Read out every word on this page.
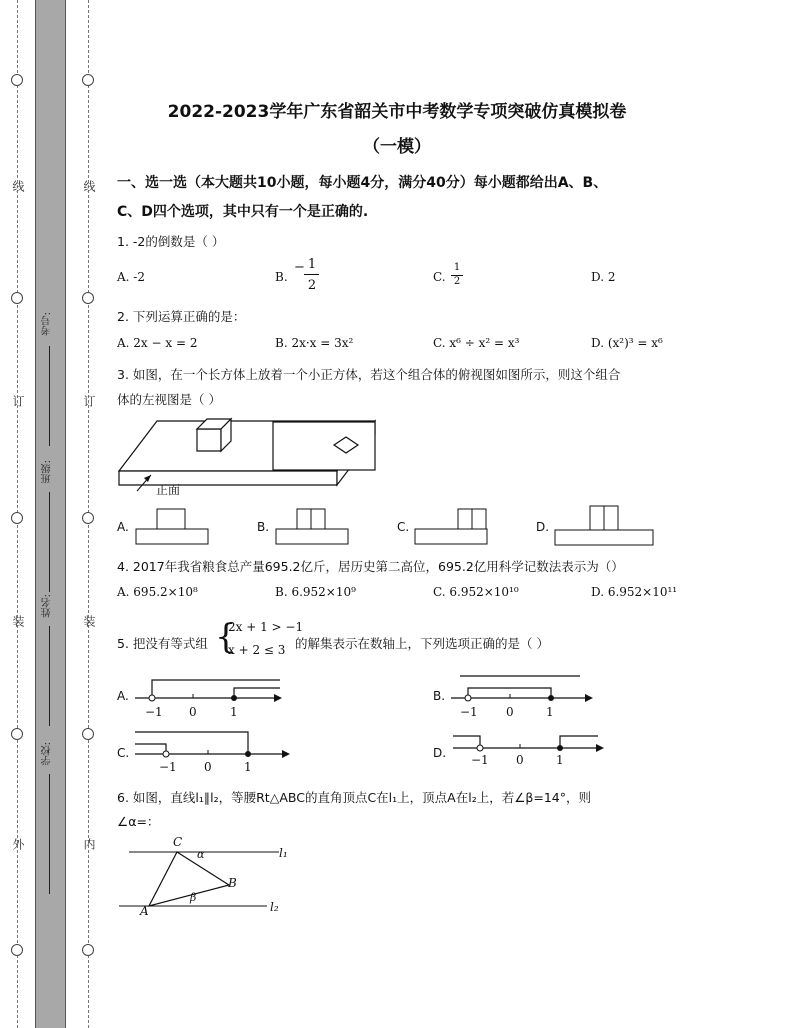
线
订
装
外
线
订
装
内
考号:
班级:
姓名:
学校:
2022-2023学年广东省韶关市中考数学专项突破仿真模拟卷
（一模）
一、选一选（本大题共10小题，每小题4分，满分40分）每小题都给出A、B、
C、D四个选项，其中只有一个是正确的.
1. -2的倒数是（ ）
A. -2	B.
− 1
2
C.
1
2	D. 2
2. 下列运算正确的是：
A. 2x − x = 2	B. 2x·x = 3x²	C. x⁶ ÷ x² = x³	D. (x²)³ = x⁶
3. 如图，在一个长方体上放着一个小正方体，若这个组合体的俯视图如图所示，则这个组合
体的左视图是（ ）
正面
A.	B.	C.	D.
4. 2017年我省粮食总产量695.2亿斤，居历史第二高位，695.2亿用科学记数法表示为（）
A. 695.2×10⁸	B. 6.952×10⁹	C. 6.952×10¹⁰	D. 6.952×10¹¹
5. 把没有等式组 {
2x + 1 > −1
x + 2 ≤ 3 的解集表示在数轴上，下列选项正确的是（ ）
A.
−1 0	1
B.
−1 0	1
C.
−1 0	1
D. −1 0	1
6. 如图，直线l₁∥l₂，等腰Rt△ABC的直角顶点C在l₁上，顶点A在l₂上，若∠β=14°，则
∠α=：
C
α
B
β
A
l₁
l₂
